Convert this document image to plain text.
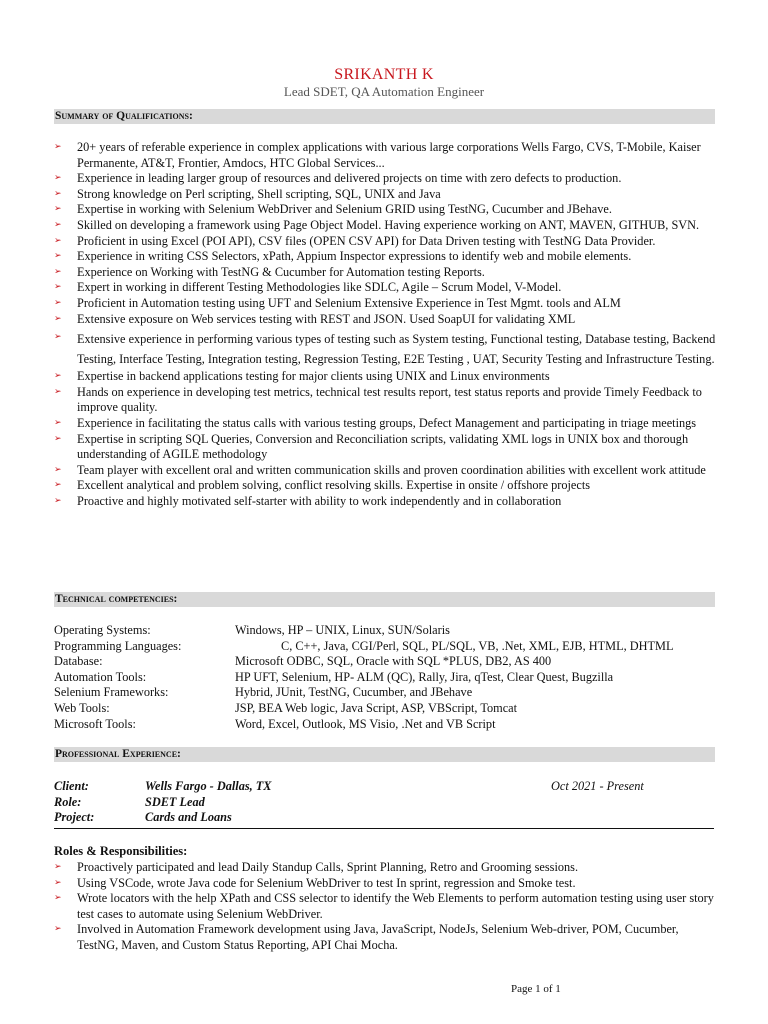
SRIKANTH K
Lead SDET, QA Automation Engineer
Summary of Qualifications:
➢ 20+ years of referable experience in complex applications with various large corporations Wells Fargo, CVS, T-Mobile, Kaiser Permanente, AT&T, Frontier, Amdocs, HTC Global Services...
➢ Experience in leading larger group of resources and delivered projects on time with zero defects to production.
➢ Strong knowledge on Perl scripting, Shell scripting, SQL, UNIX and Java
➢ Expertise in working with Selenium WebDriver and Selenium GRID using TestNG, Cucumber and JBehave.
➢ Skilled on developing a framework using Page Object Model. Having experience working on ANT, MAVEN, GITHUB, SVN.
➢ Proficient in using Excel (POI API), CSV files (OPEN CSV API) for Data Driven testing with TestNG Data Provider.
➢ Experience in writing CSS Selectors, xPath, Appium Inspector expressions to identify web and mobile elements.
➢ Experience on Working with TestNG & Cucumber for Automation testing Reports.
➢ Expert in working in different Testing Methodologies like SDLC, Agile – Scrum Model, V-Model.
➢ Proficient in Automation testing using UFT and Selenium Extensive Experience in Test Mgmt. tools and ALM
➢ Extensive exposure on Web services testing with REST and JSON. Used SoapUI for validating XML
➢ Extensive experience in performing various types of testing such as System testing, Functional testing, Database testing, Backend Testing, Interface Testing, Integration testing, Regression Testing, E2E Testing , UAT, Security Testing and Infrastructure Testing.
➢ Expertise in backend applications testing for major clients using UNIX and Linux environments
➢ Hands on experience in developing test metrics, technical test results report, test status reports and provide Timely Feedback to improve quality.
➢ Experience in facilitating the status calls with various testing groups, Defect Management and participating in triage meetings
➢ Expertise in scripting SQL Queries, Conversion and Reconciliation scripts, validating XML logs in UNIX box and thorough understanding of AGILE methodology
➢ Team player with excellent oral and written communication skills and proven coordination abilities with excellent work attitude
➢ Excellent analytical and problem solving, conflict resolving skills. Expertise in onsite / offshore projects
➢ Proactive and highly motivated self-starter with ability to work independently and in collaboration
Technical competencies:
Operating Systems:	Windows, HP – UNIX, Linux, SUN/Solaris
Programming Languages:	C, C++, Java, CGI/Perl, SQL, PL/SQL, VB, .Net, XML, EJB, HTML, DHTML
Database:	Microsoft ODBC, SQL, Oracle with SQL *PLUS, DB2, AS 400
Automation Tools:	HP UFT, Selenium, HP- ALM (QC), Rally, Jira, qTest, Clear Quest, Bugzilla
Selenium Frameworks:	Hybrid, JUnit, TestNG, Cucumber, and JBehave
Web Tools:	JSP, BEA Web logic, Java Script, ASP, VBScript, Tomcat
Microsoft Tools:	Word, Excel, Outlook, MS Visio, .Net and VB Script
Professional Experience:
Client:	Wells Fargo - Dallas, TX	Oct 2021 - Present
Role:	SDET Lead
Project:	Cards and Loans
Roles & Responsibilities:
➢ Proactively participated and lead Daily Standup Calls, Sprint Planning, Retro and Grooming sessions.
➢ Using VSCode, wrote Java code for Selenium WebDriver to test In sprint, regression and Smoke test.
➢ Wrote locators with the help XPath and CSS selector to identify the Web Elements to perform automation testing using user story test cases to automate using Selenium WebDriver.
➢ Involved in Automation Framework development using Java, JavaScript, NodeJs, Selenium Web-driver, POM, Cucumber, TestNG, Maven, and Custom Status Reporting, API Chai Mocha.
Page 1 of 1
